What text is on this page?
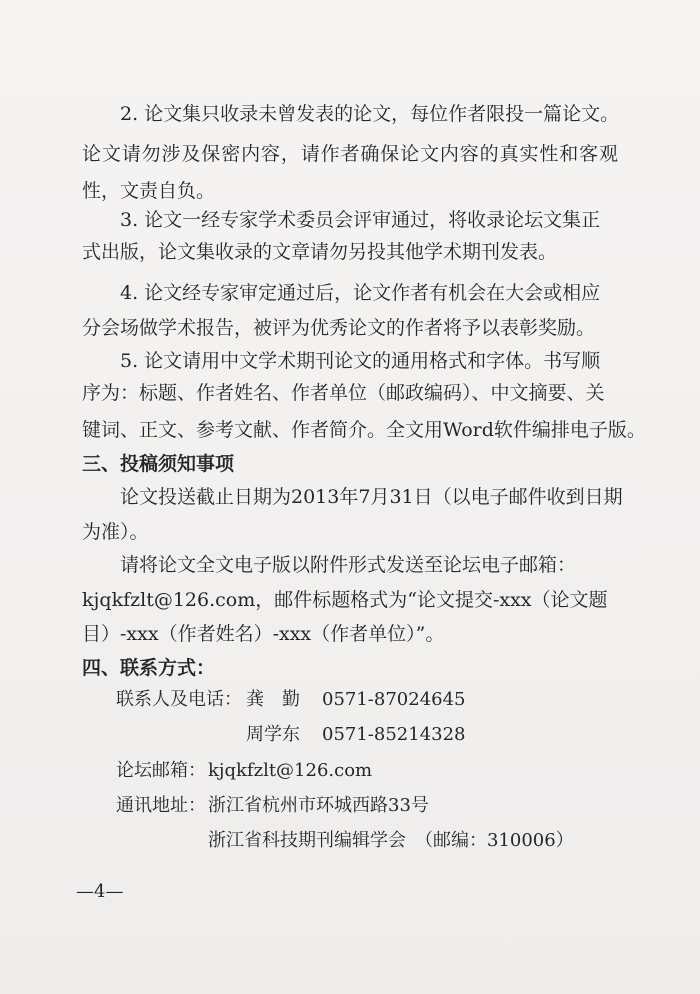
2. 论文集只收录未曾发表的论文，每位作者限投一篇论文。
论文请勿涉及保密内容，请作者确保论文内容的真实性和客观
性，文责自负。
3. 论文一经专家学术委员会评审通过，将收录论坛文集正
式出版，论文集收录的文章请勿另投其他学术期刊发表。
4. 论文经专家审定通过后，论文作者有机会在大会或相应
分会场做学术报告，被评为优秀论文的作者将予以表彰奖励。
5. 论文请用中文学术期刊论文的通用格式和字体。书写顺
序为：标题、作者姓名、作者单位（邮政编码）、中文摘要、关
键词、正文、参考文献、作者简介。全文用Word软件编排电子版。
三、投稿须知事项
论文投送截止日期为2013年7月31日（以电子邮件收到日期
为准）。
请将论文全文电子版以附件形式发送至论坛电子邮箱：
kjqkfzlt@126.com，邮件标题格式为“论文提交-xxx（论文题
目）-xxx（作者姓名）-xxx（作者单位）”。
四、联系方式：
联系人及电话： 龚　勤 0571-87024645
周学东 0571-85214328
论坛邮箱： kjqkfzlt@126.com
通讯地址： 浙江省杭州市环城西路33号
浙江省科技期刊编辑学会　（邮编：310006）
—4—
